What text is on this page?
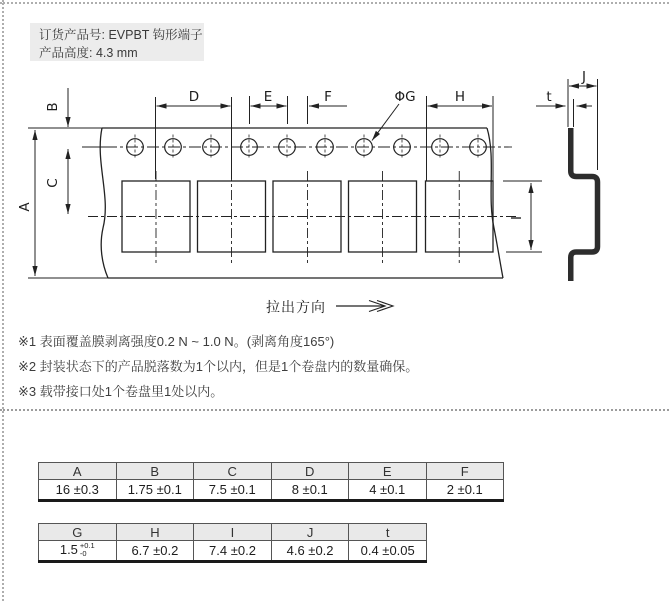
订货产品号: EVPBT 钩形端子
产品高度: 4.3 mm
A
B
C
D	E	F	ΦG	H
I
J
t
拉出方向
※1 表面覆盖膜剥离强度0.2 N ~ 1.0 N。(剥离角度165°)
※2 封装状态下的产品脱落数为1个以内，但是1个卷盘内的数量确保。
※3 载带接口处1个卷盘里1处以内。
A	B	C	D	E	F
16 ±0.3	1.75 ±0.1	7.5 ±0.1	8 ±0.1	4 ±0.1	2 ±0.1
G	H	I	J	t
1.5 +0.1
-0	6.7 ±0.2	7.4 ±0.2	4.6 ±0.2	0.4 ±0.05
